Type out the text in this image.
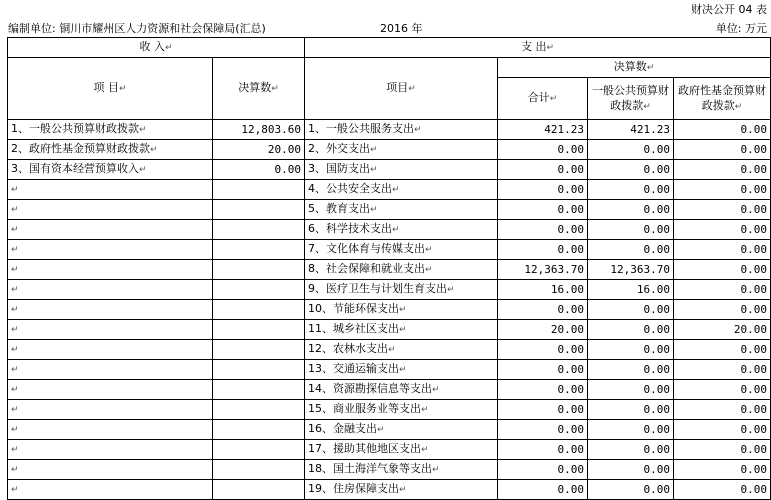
财决公开 04 表
编制单位: 铜川市耀州区人力资源和社会保障局(汇总)	2016 年	单位: 万元
收 入↵		支 出↵			
项 目↵	决算数↵	项目↵	决算数↵		
			合计↵	一般公共预算财政拨款↵	政府性基金预算财政拨款↵
1、一般公共预算财政拨款↵	12,803.60	1、一般公共服务支出↵	421.23	421.23	0.00
2、政府性基金预算财政拨款↵	20.00	2、外交支出↵	0.00	0.00	0.00
3、国有资本经营预算收入↵	0.00	3、国防支出↵	0.00	0.00	0.00
↵		4、公共安全支出↵	0.00	0.00	0.00
↵		5、教育支出↵	0.00	0.00	0.00
↵		6、科学技术支出↵	0.00	0.00	0.00
↵		7、文化体育与传媒支出↵	0.00	0.00	0.00
↵		8、社会保障和就业支出↵	12,363.70	12,363.70	0.00
↵		9、医疗卫生与计划生育支出↵	16.00	16.00	0.00
↵		10、节能环保支出↵	0.00	0.00	0.00
↵		11、城乡社区支出↵	20.00	0.00	20.00
↵		12、农林水支出↵	0.00	0.00	0.00
↵		13、交通运输支出↵	0.00	0.00	0.00
↵		14、资源勘探信息等支出↵	0.00	0.00	0.00
↵		15、商业服务业等支出↵	0.00	0.00	0.00
↵		16、金融支出↵	0.00	0.00	0.00
↵		17、援助其他地区支出↵	0.00	0.00	0.00
↵		18、国土海洋气象等支出↵	0.00	0.00	0.00
↵		19、住房保障支出↵	0.00	0.00	0.00
